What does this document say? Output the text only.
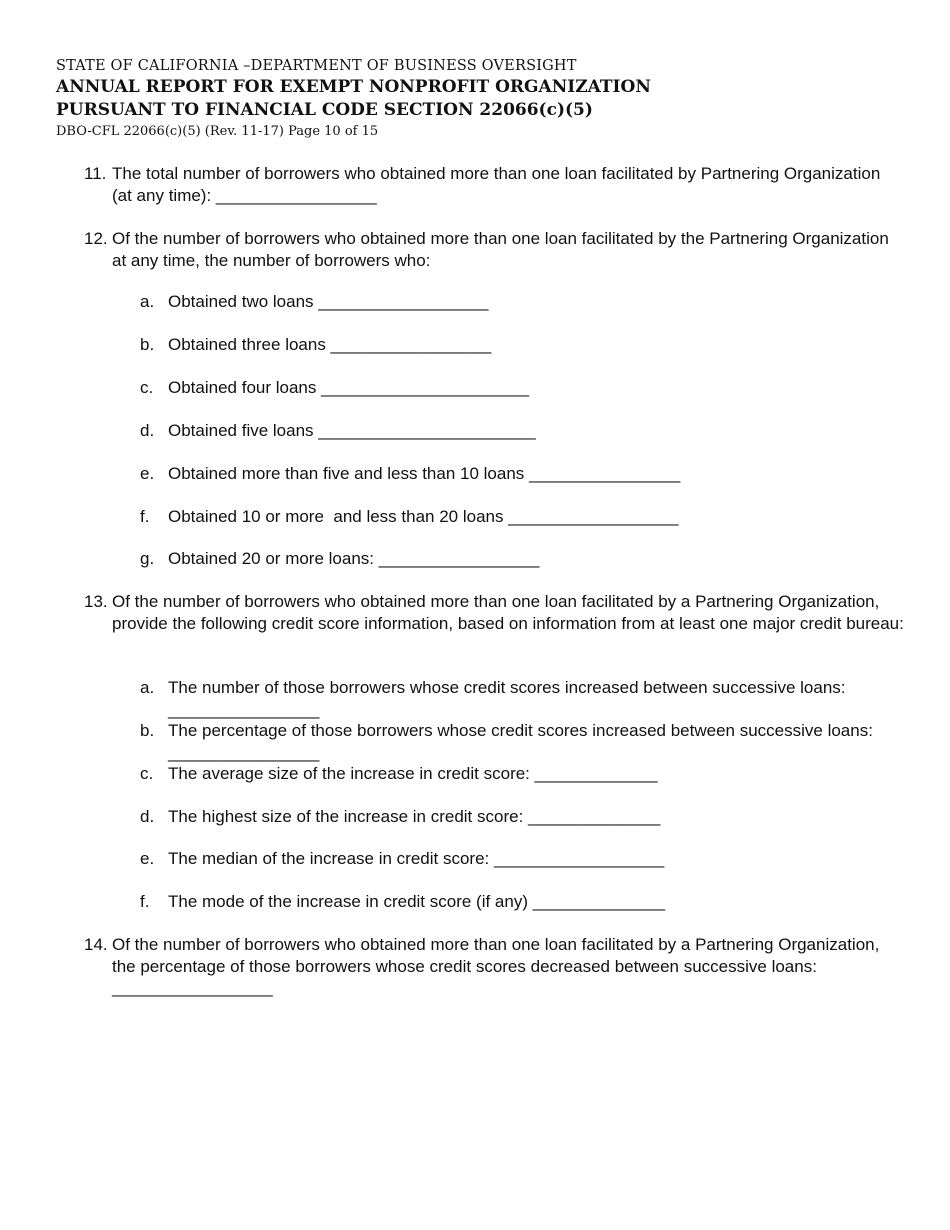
STATE OF CALIFORNIA –DEPARTMENT OF BUSINESS OVERSIGHT
ANNUAL REPORT FOR EXEMPT NONPROFIT ORGANIZATION
PURSUANT TO FINANCIAL CODE SECTION 22066(c)(5)
DBO-CFL 22066(c)(5) (Rev. 11-17) Page 10 of 15
11. The total number of borrowers who obtained more than one loan facilitated by Partnering Organization (at any time): _________________
12. Of the number of borrowers who obtained more than one loan facilitated by the Partnering Organization at any time, the number of borrowers who:
a. Obtained two loans __________________
b. Obtained three loans _________________
c. Obtained four loans ______________________
d. Obtained five loans _______________________
e. Obtained more than five and less than 10 loans ________________
f.	Obtained 10 or more  and less than 20 loans __________________
g. Obtained 20 or more loans: _________________
13. Of the number of borrowers who obtained more than one loan facilitated by a Partnering Organization, provide the following credit score information, based on information from at least one major credit bureau:
a. The number of those borrowers whose credit scores increased between successive loans: ________________
b. The percentage of those borrowers whose credit scores increased between successive loans: ________________
c. The average size of the increase in credit score: _____________
d. The highest size of the increase in credit score: ______________
e. The median of the increase in credit score: __________________
f.	The mode of the increase in credit score (if any) ______________
14. Of the number of borrowers who obtained more than one loan facilitated by a Partnering Organization, the percentage of those borrowers whose credit scores decreased between successive loans: _________________
